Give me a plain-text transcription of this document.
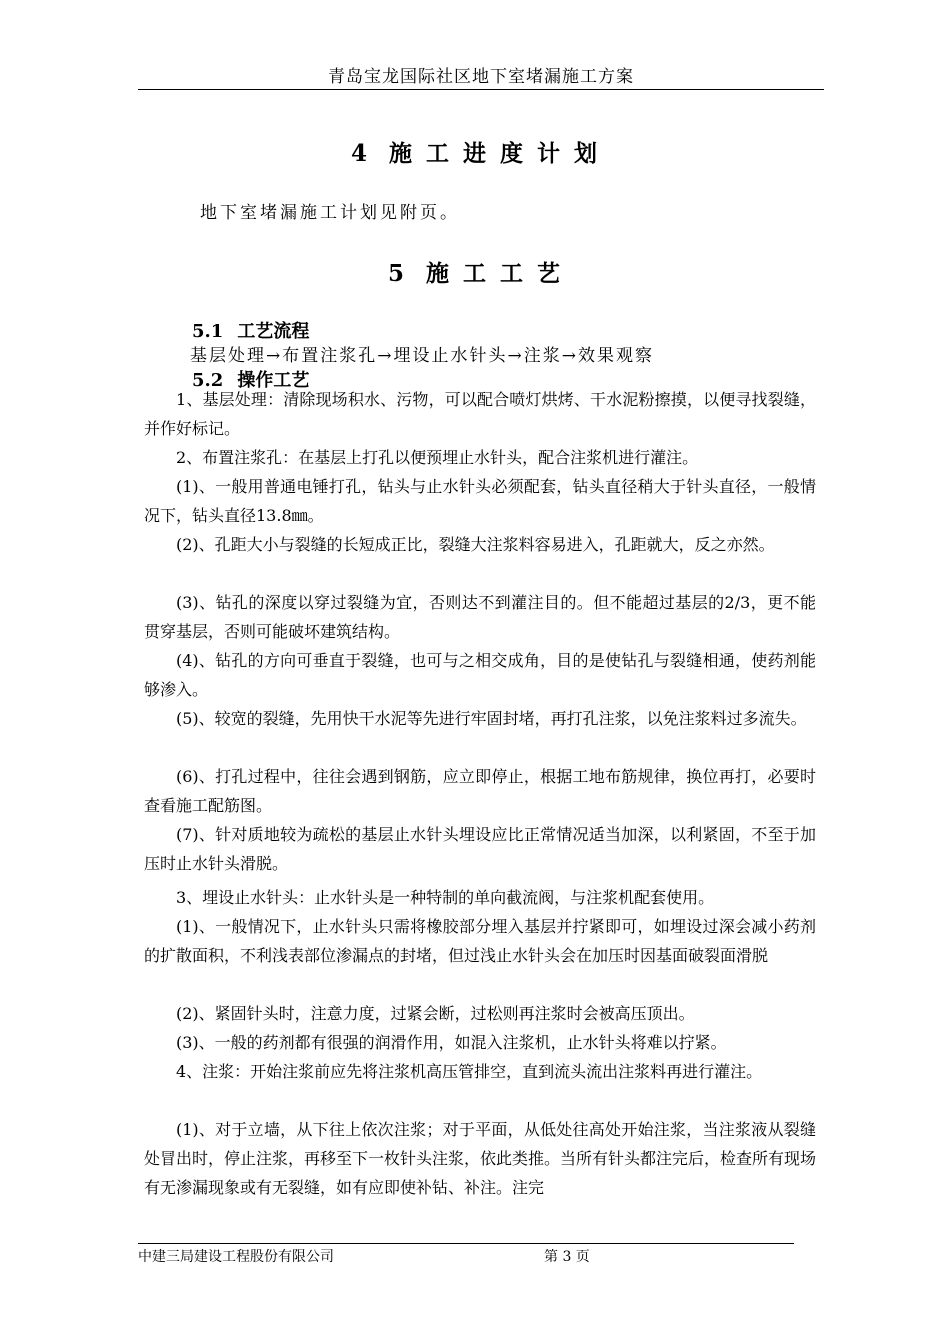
青岛宝龙国际社区地下室堵漏施工方案
4 施工进度计划
地下室堵漏施工计划见附页。
5 施工工艺
5.1 工艺流程
基层处理→布置注浆孔→埋设止水针头→注浆→效果观察
5.2 操作工艺

1、基层处理：清除现场积水、污物，可以配合喷灯烘烤、干水泥粉擦摸，以便寻找裂缝，并作好标记。

2、布置注浆孔：在基层上打孔以便预埋止水针头，配合注浆机进行灌注。

(1)、一般用普通电锤打孔，钻头与止水针头必须配套，钻头直径稍大于针头直径，一般情况下，钻头直径13.8㎜。

(2)、孔距大小与裂缝的长短成正比，裂缝大注浆料容易进入，孔距就大，反之亦然。

(3)、钻孔的深度以穿过裂缝为宜，否则达不到灌注目的。但不能超过基层的2/3，更不能贯穿基层，否则可能破坏建筑结构。

(4)、钻孔的方向可垂直于裂缝，也可与之相交成角，目的是使钻孔与裂缝相通，使药剂能够渗入。

(5)、较宽的裂缝，先用快干水泥等先进行牢固封堵，再打孔注浆，以免注浆料过多流失。

(6)、打孔过程中，往往会遇到钢筋，应立即停止，根据工地布筋规律，换位再打，必要时查看施工配筋图。

(7)、针对质地较为疏松的基层止水针头埋设应比正常情况适当加深，以利紧固，不至于加压时止水针头滑脱。

3、埋设止水针头：止水针头是一种特制的单向截流阀，与注浆机配套使用。

(1)、一般情况下，止水针头只需将橡胶部分埋入基层并拧紧即可，如埋设过深会减小药剂的扩散面积，不利浅表部位渗漏点的封堵，但过浅止水针头会在加压时因基面破裂面滑脱

(2)、紧固针头时，注意力度，过紧会断，过松则再注浆时会被高压顶出。

(3)、一般的药剂都有很强的润滑作用，如混入注浆机，止水针头将难以拧紧。

4、注浆：开始注浆前应先将注浆机高压管排空，直到流头流出注浆料再进行灌注。

(1)、对于立墙，从下往上依次注浆；对于平面，从低处往高处开始注浆，当注浆液从裂缝处冒出时，停止注浆，再移至下一枚针头注浆，依此类推。当所有针头都注完后，检查所有现场有无渗漏现象或有无裂缝，如有应即使补钻、补注。注完

中建三局建设工程股份有限公司	第 3 页
